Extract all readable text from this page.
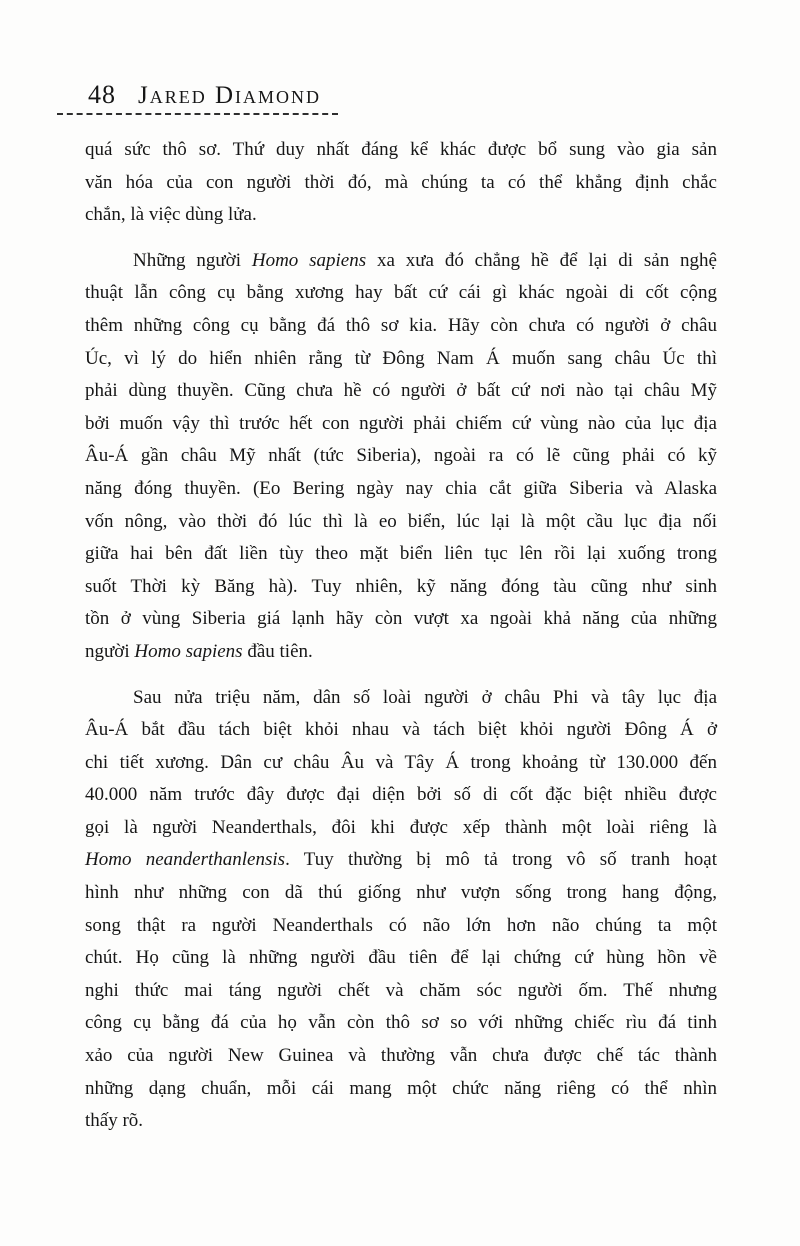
48 Jared Diamond
quá sức thô sơ. Thứ duy nhất đáng kể khác được bổ sung vào gia sản
văn hóa của con người thời đó, mà chúng ta có thể khẳng định chắc
chắn, là việc dùng lửa.
Những người Homo sapiens xa xưa đó chẳng hề để lại di sản nghệ
thuật lẫn công cụ bằng xương hay bất cứ cái gì khác ngoài di cốt cộng
thêm những công cụ bằng đá thô sơ kia. Hãy còn chưa có người ở châu
Úc, vì lý do hiển nhiên rằng từ Đông Nam Á muốn sang châu Úc thì
phải dùng thuyền. Cũng chưa hề có người ở bất cứ nơi nào tại châu Mỹ
bởi muốn vậy thì trước hết con người phải chiếm cứ vùng nào của lục địa
Âu-Á gần châu Mỹ nhất (tức Siberia), ngoài ra có lẽ cũng phải có kỹ
năng đóng thuyền. (Eo Bering ngày nay chia cắt giữa Siberia và Alaska
vốn nông, vào thời đó lúc thì là eo biển, lúc lại là một cầu lục địa nối
giữa hai bên đất liền tùy theo mặt biển liên tục lên rồi lại xuống trong
suốt Thời kỳ Băng hà). Tuy nhiên, kỹ năng đóng tàu cũng như sinh
tồn ở vùng Siberia giá lạnh hãy còn vượt xa ngoài khả năng của những
người Homo sapiens đầu tiên.
Sau nửa triệu năm, dân số loài người ở châu Phi và tây lục địa
Âu-Á bắt đầu tách biệt khỏi nhau và tách biệt khỏi người Đông Á ở
chi tiết xương. Dân cư châu Âu và Tây Á trong khoảng từ 130.000 đến
40.000 năm trước đây được đại diện bởi số di cốt đặc biệt nhiều được
gọi là người Neanderthals, đôi khi được xếp thành một loài riêng là
Homo neanderthanlensis. Tuy thường bị mô tả trong vô số tranh hoạt
hình như những con dã thú giống như vượn sống trong hang động,
song thật ra người Neanderthals có não lớn hơn não chúng ta một
chút. Họ cũng là những người đầu tiên để lại chứng cứ hùng hồn về
nghi thức mai táng người chết và chăm sóc người ốm. Thế nhưng
công cụ bằng đá của họ vẫn còn thô sơ so với những chiếc rìu đá tinh
xảo của người New Guinea và thường vẫn chưa được chế tác thành
những dạng chuẩn, mỗi cái mang một chức năng riêng có thể nhìn
thấy rõ.
